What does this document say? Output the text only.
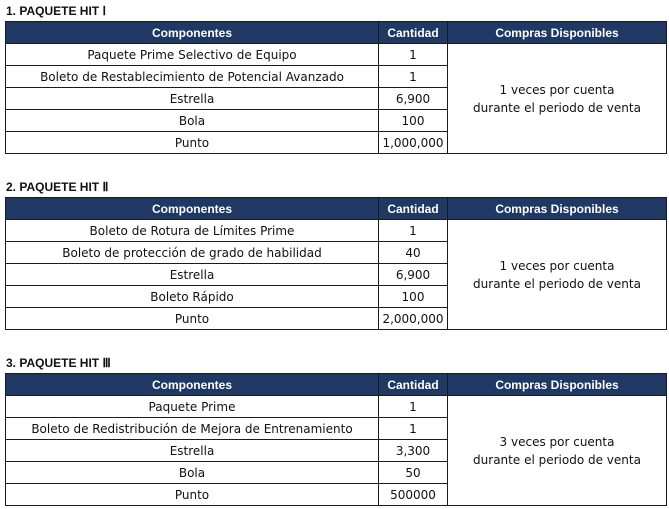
1. PAQUETE HIT Ⅰ
Componentes	Cantidad	Compras Disponibles
Paquete Prime Selectivo de Equipo	1	1 veces por cuenta
durante el periodo de venta

Boleto de Restablecimiento de Potencial Avanzado	1	
Estrella	6,900	
Bola	100	
Punto	1,000,000	
2. PAQUETE HIT Ⅱ
Componentes	Cantidad	Compras Disponibles
Boleto de Rotura de Límites Prime	1	1 veces por cuenta
durante el periodo de venta

Boleto de protección de grado de habilidad	40	
Estrella	6,900	
Boleto Rápido	100	
Punto	2,000,000	
3. PAQUETE HIT Ⅲ
Componentes	Cantidad	Compras Disponibles
Paquete Prime	1	3 veces por cuenta
durante el periodo de venta

Boleto de Redistribución de Mejora de Entrenamiento	1	
Estrella	3,300	
Bola	50	
Punto	500000	
